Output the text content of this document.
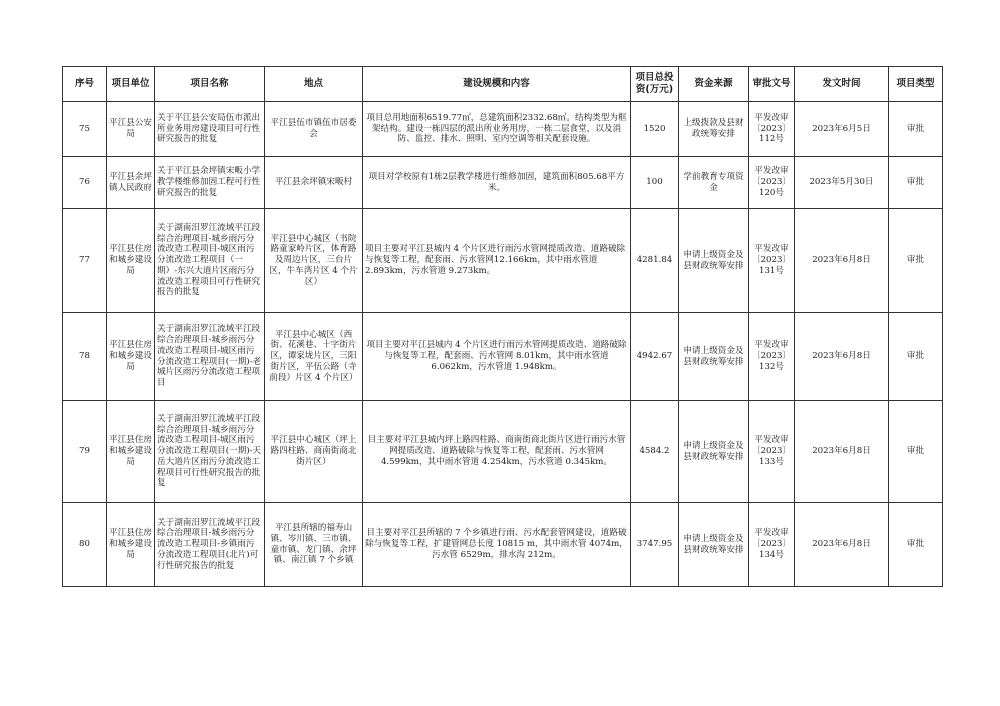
序号	项目单位	项目名称	地点	建设规模和内容	项目总投资(万元)	资金来源	审批文号	发文时间	项目类型
75	平江县公安局	关于平江县公安局伍市派出所业务用房建设项目可行性研究报告的批复	平江县伍市镇伍市居委会	项目总用地面积6519.77㎡，总建筑面积2332.68㎡。结构类型为框架结构。建设一栋四层的派出所业务用房，一栋二层食堂，以及消防、监控、排水、照明、室内空调等相关配套设施。	1520	上级拨款及县财政统筹安排	平发改审〔2023〕112号	2023年6月5日	审批
76	平江县余坪镇人民政府	关于平江县余坪镇宋畈小学教学楼维修加固工程可行性研究报告的批复	平江县余坪镇宋畈村	项目对学校原有1栋2层教学楼进行维修加固，建筑面积805.68平方米。	100	学前教育专项资金	平发改审〔2023〕120号	2023年5月30日	审批
77	平江县住房和城乡建设局	关于湖南汨罗江流域平江段综合治理项目-城乡雨污分流改造工程项目-城区雨污分流改造工程项目（一期）-东兴大道片区雨污分流改造工程项目可行性研究报告的批复	平江县中心城区（书院路童家岭片区，体育路及周边片区，三台片区，牛车湾片区 4 个片区）	项目主要对平江县城内 4 个片区进行雨污水管网提质改造、道路破除与恢复等工程，配套雨、污水管网12.166km，其中雨水管道 2.893km，污水管道 9.273km。	4281.84	申请上级资金及县财政统筹安排	平发改审〔2023〕131号	2023年6月8日	审批
78	平江县住房和城乡建设局	关于湖南汨罗江流域平江段综合治理项目-城乡雨污分流改造工程项目-城区雨污分流改造工程项目(一期)-老城片区雨污分流改造工程项目	平江县中心城区（西街、花溪巷、十字街片区，谭家垅片区，三阳街片区，平伍公路（寺前段）片区 4 个片区）	项目主要对平江县城内 4 个片区进行雨污水管网提质改造、道路破除与恢复等工程，配套雨、污水管网 8.01km，其中雨水管道 6.062km，污水管道 1.948km。	4942.67	申请上级资金及县财政统筹安排	平发改审〔2023〕132号	2023年6月8日	审批
79	平江县住房和城乡建设局	关于湖南汨罗江流域平江段综合治理项目-城乡雨污分流改造工程项目-城区雨污分流改造工程项目(一期)-天岳大道片区雨污分流改造工程项目可行性研究报告的批复	平江县中心城区（坪上路四柱路、商南街商北街片区）	目主要对平江县城内坪上路四柱路、商南街商北街片区进行雨污水管网提质改造、道路破除与恢复等工程，配套雨、污水管网 4.599km，其中雨水管道 4.254km，污水管道 0.345km。	4584.2	申请上级资金及县财政统筹安排	平发改审〔2023〕133号	2023年6月8日	审批
80	平江县住房和城乡建设局	关于湖南汨罗江流域平江段综合治理项目-城乡雨污分流改造工程项目-乡镇雨污分流改造工程项目(北片)可行性研究报告的批复	平江县所辖的福寿山镇、岑川镇、三市镇、童市镇、龙门镇、余坪镇、南江镇 7 个乡镇	目主要对平江县所辖的 7 个乡镇进行雨、污水配套管网建设，道路破除与恢复等工程，扩建管网总长度 10815 m，其中雨水管 4074m，污水管 6529m，排水沟 212m。	3747.95	申请上级资金及县财政统筹安排	平发改审〔2023〕134号	2023年6月8日	审批
